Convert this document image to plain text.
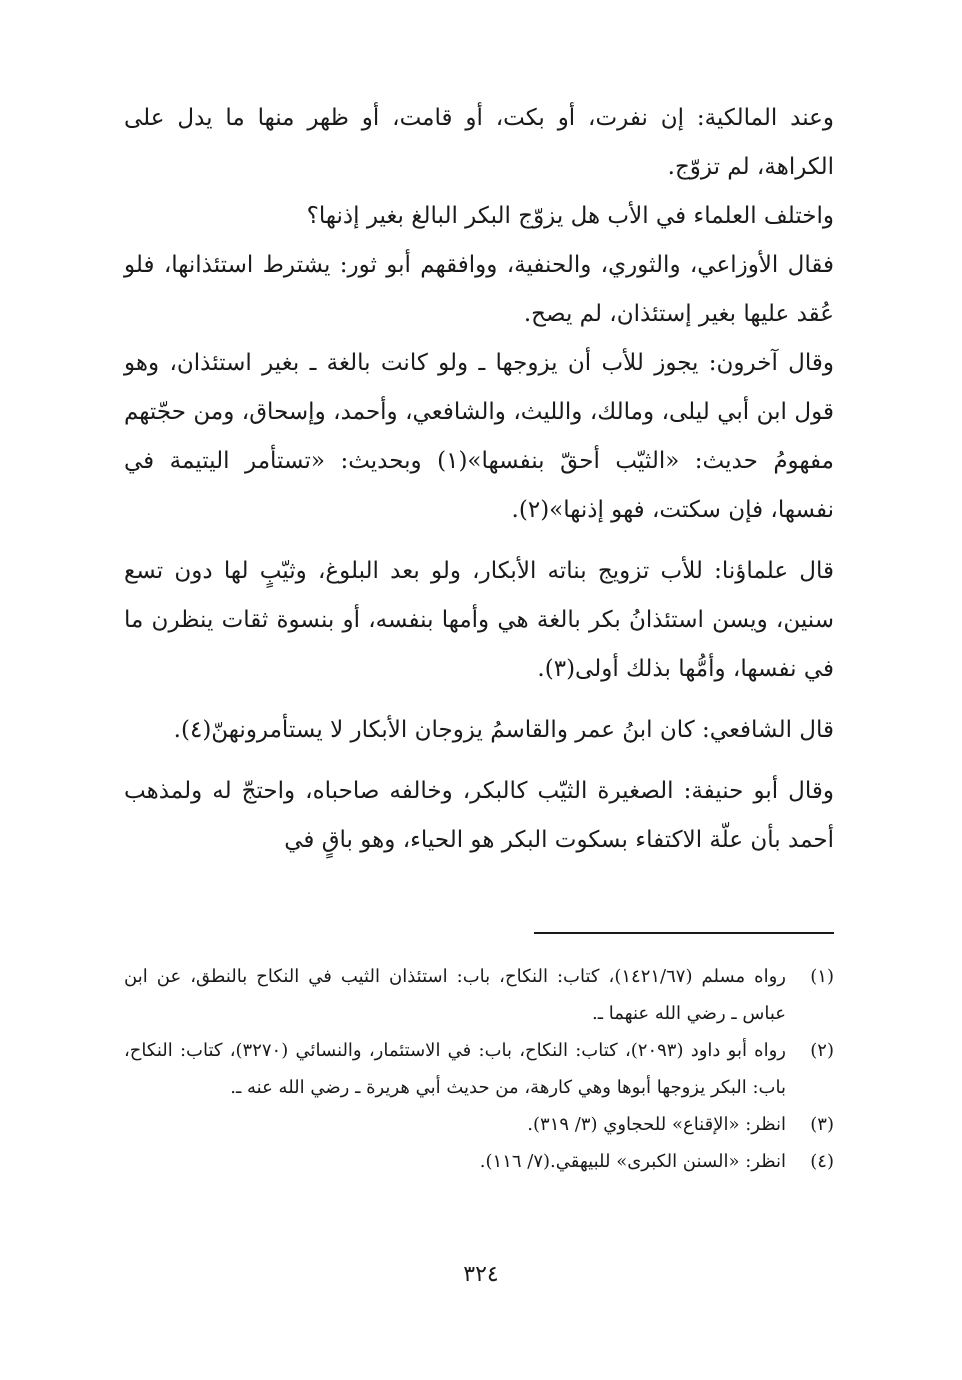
وعند المالكية: إن نفرت، أو بكت، أو قامت، أو ظهر منها ما يدل على الكراهة، لم تزوّج.

واختلف العلماء في الأب هل يزوّج البكر البالغ بغير إذنها؟

فقال الأوزاعي، والثوري، والحنفية، ووافقهم أبو ثور: يشترط استئذانها، فلو عُقد عليها بغير إستئذان، لم يصح.

وقال آخرون: يجوز للأب أن يزوجها ـ ولو كانت بالغة ـ بغير استئذان، وهو قول ابن أبي ليلى، ومالك، والليث، والشافعي، وأحمد، وإسحاق، ومن حجّتهم مفهومُ حديث: «الثيّب أحقّ بنفسها»(١) وبحديث: «تستأمر اليتيمة في نفسها، فإن سكتت، فهو إذنها»(٢).

قال علماؤنا: للأب تزويج بناته الأبكار، ولو بعد البلوغ، وثيّبٍ لها دون تسع سنين، ويسن استئذانُ بكر بالغة هي وأمها بنفسه، أو بنسوة ثقات ينظرن ما في نفسها، وأمُّها بذلك أولى(٣).

قال الشافعي: كان ابنُ عمر والقاسمُ يزوجان الأبكار لا يستأمرونهنّ(٤).

وقال أبو حنيفة: الصغيرة الثيّب كالبكر، وخالفه صاحباه، واحتجّ له ولمذهب أحمد بأن علّة الاكتفاء بسكوت البكر هو الحياء، وهو باقٍ في

(١)
رواه مسلم (١٤٢١/٦٧)، كتاب: النكاح، باب: استئذان الثيب في النكاح بالنطق، عن ابن عباس ـ رضي الله عنهما ـ.
(٢)
رواه أبو داود (٢٠٩٣)، كتاب: النكاح، باب: في الاستئمار، والنسائي (٣٢٧٠)، كتاب: النكاح، باب: البكر يزوجها أبوها وهي كارهة، من حديث أبي هريرة ـ رضي الله عنه ـ.
(٣)
انظر: «الإقناع» للحجاوي (٣/ ٣١٩).
(٤)
انظر: «السنن الكبرى» للبيهقي.(٧/ ١١٦).
٣٢٤
